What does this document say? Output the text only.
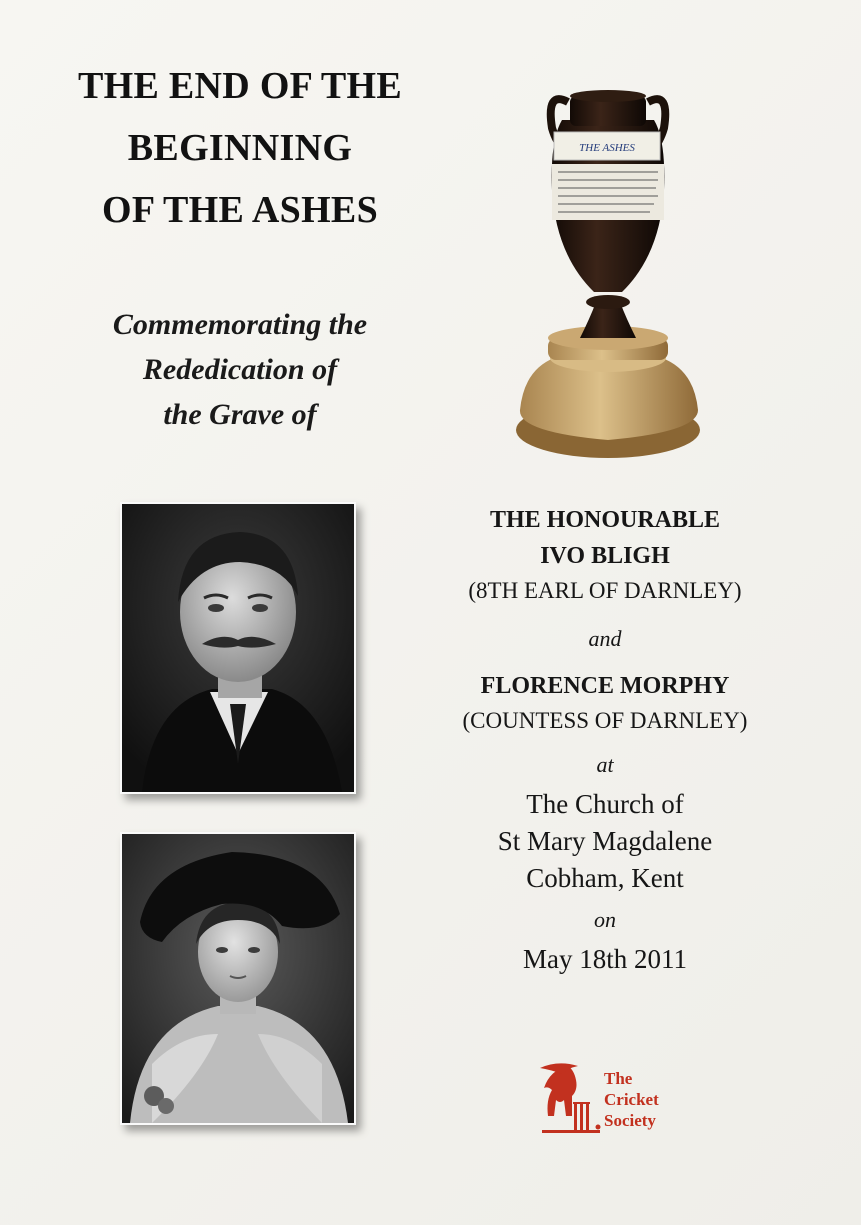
THE END OF THE
BEGINNING
OF THE ASHES
Commemorating the
Rededication of
the Grave of
THE ASHES
THE HONOURABLE
IVO BLIGH
(8TH EARL OF DARNLEY)
and
FLORENCE MORPHY
(COUNTESS OF DARNLEY)
at
The Church of
St Mary Magdalene
Cobham, Kent
on
May 18th 2011
The
Cricket
Society
